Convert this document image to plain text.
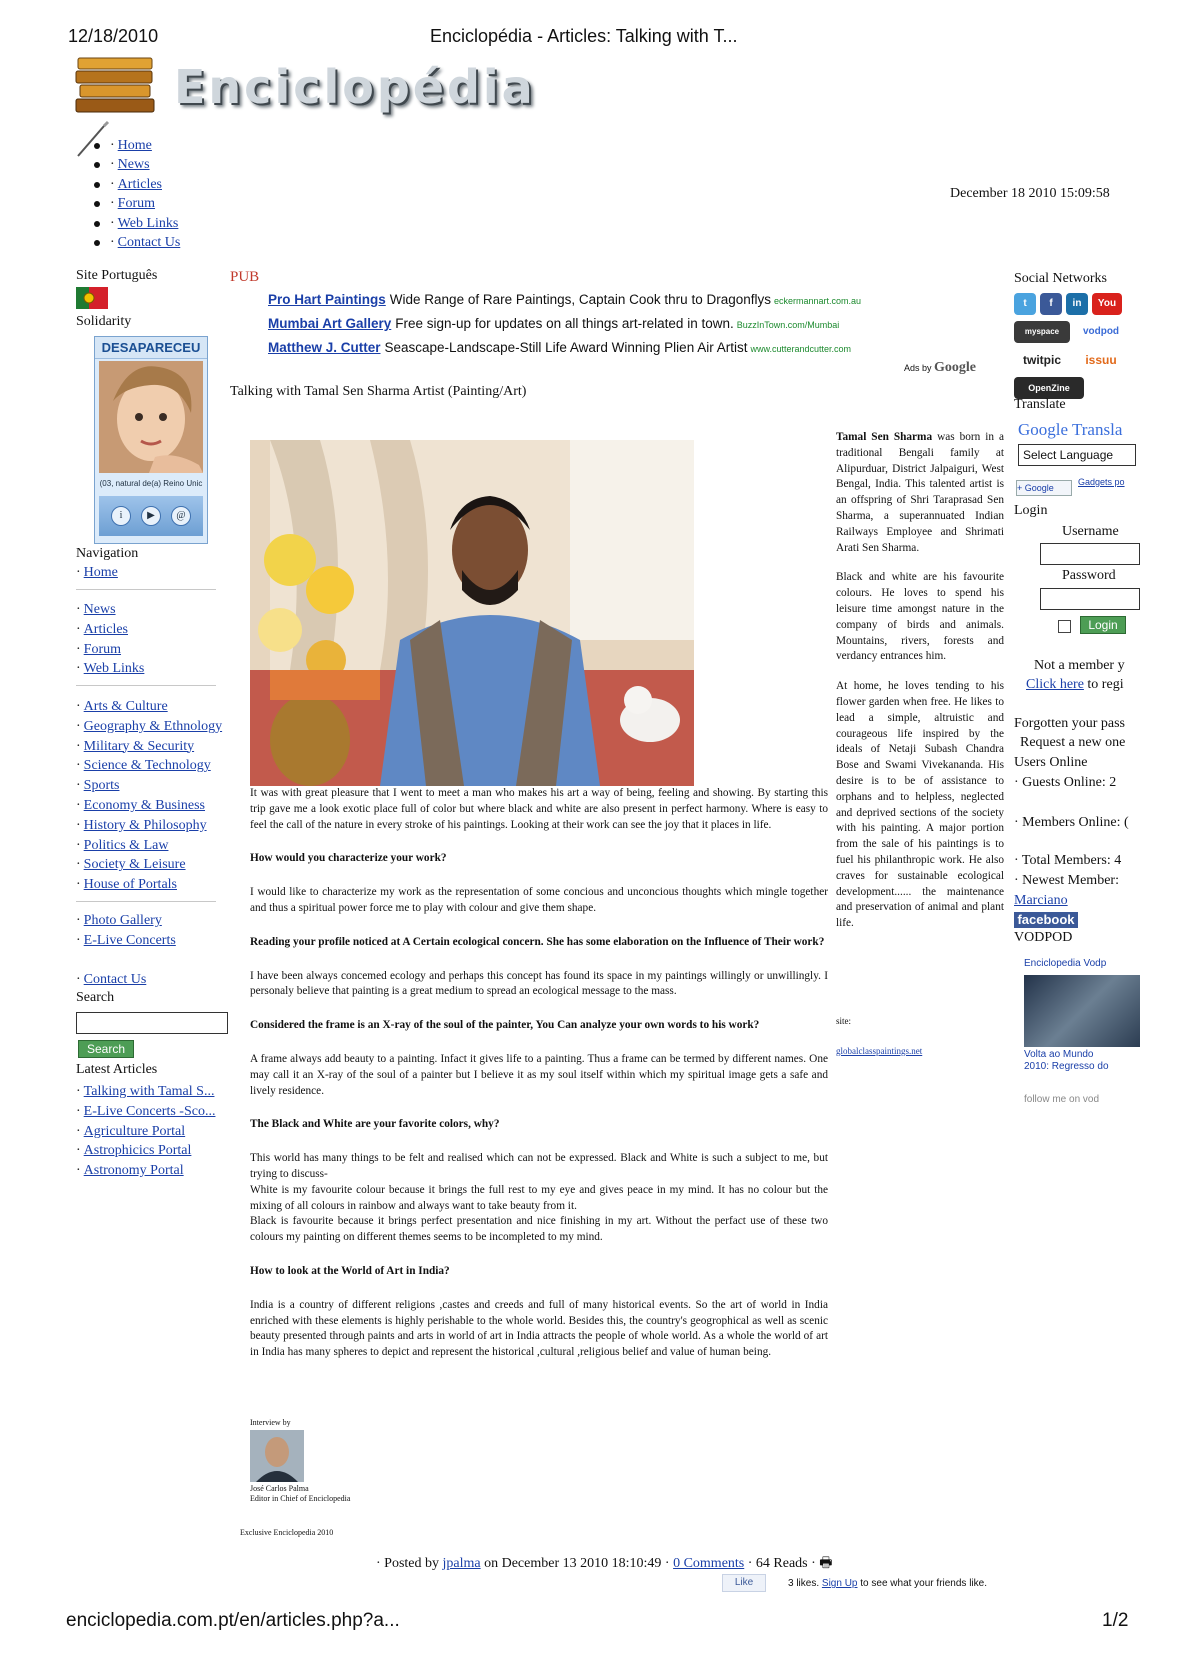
12/18/2010	Enciclopédia - Articles: Talking with T...
Enciclopédia
· Home
· News
· Articles
· Forum
· Web Links
· Contact Us
December 18 2010 15:09:58
Site Português
Solidarity
DESAPARECEU
(03, natural de(a) Reino Unic
i	▶	@
Navigation
· Home
· News
· Articles
· Forum
· Web Links
· Arts & Culture
· Geography & Ethnology
· Military & Security
· Science & Technology
· Sports
· Economy & Business
· History & Philosophy
· Politics & Law
· Society & Leisure
· House of Portals
· Photo Gallery
· E-Live Concerts
· Contact Us
Search
Search
Latest Articles
· Talking with Tamal S...
· E-Live Concerts -Sco...
· Agriculture Portal
· Astrophicics Portal
· Astronomy Portal
PUB
Pro Hart Paintings Wide Range of Rare Paintings, Captain Cook thru to Dragonflys eckermannart.com.au
Mumbai Art Gallery Free sign-up for updates on all things art-related in town. BuzzInTown.com/Mumbai
Matthew J. Cutter Seascape-Landscape-Still Life Award Winning Plien Air Artist www.cutterandcutter.com
Ads by Google
Talking with Tamal Sen Sharma Artist (Painting/Art)

It was with great pleasure that I went to meet a man who makes his art a way of being, feeling and showing. By starting this trip gave me a look exotic place full of color but where black and white are also present in perfect harmony. Where is easy to feel the call of the nature in every stroke of his paintings. Looking at their work can see the joy that it places in life.

How would you characterize your work?

I would like to characterize my work as the representation of some concious and unconcious thoughts which mingle together and thus a spiritual power force me to play with colour and give them shape.

Reading your profile noticed at A Certain ecological concern. She has some elaboration on the Influence of Their work?

I have been always concemed ecology and perhaps this concept has found its space in my paintings willingly or unwillingly. I personaly believe that painting is a great medium to spread an ecological message to the mass.

Considered the frame is an X-ray of the soul of the painter, You Can analyze your own words to his work?

A frame always add beauty to a painting. Infact it gives life to a painting. Thus a frame can be termed by different names. One may call it an X-ray of the soul of a painter but I believe it as my soul itself within which my spiritual image gets a safe and lively residence.

The Black and White are your favorite colors, why?

This world has many things to be felt and realised which can not be expressed. Black and White is such a subject to me, but trying to discuss-

White is my favourite colour because it brings the full rest to my eye and gives peace in my mind. It has no colour but the mixing of all colours in rainbow and always want to take beauty from it.

Black is favourite because it brings perfect presentation and nice finishing in my art. Without the perfact use of these two colours my painting on different themes seems to be incompleted to my mind.

How to look at the World of Art in India?

India is a country of different religions ,castes and creeds and full of many historical events. So the art of world in India enriched with these elements is highly perishable to the whole world. Besides this, the country's geogrophical as well as scenic beauty presented through paints and arts in world of art in India attracts the people of whole world. As a whole the world of art in India has many spheres to depict and represent the historical ,cultural ,religious belief and value of human being.

Tamal Sen Sharma was born in a traditional Bengali family at Alipurduar, District Jalpaiguri, West Bengal, India. This talented artist is an offspring of Shri Taraprasad Sen Sharma, a superannuated Indian Railways Employee and Shrimati Arati Sen Sharma.

Black and white are his favourite colours. He loves to spend his leisure time amongst nature in the company of birds and animals. Mountains, rivers, forests and verdancy entrances him.

At home, he loves tending to his flower garden when free. He likes to lead a simple, altruistic and courageous life inspired by the ideals of Netaji Subash Chandra Bose and Swami Vivekananda. His desire is to be of assistance to orphans and to helpless, neglected and deprived sections of the society with his painting. A major portion from the sale of his paintings is to fuel his philanthropic work. He also craves for sustainable ecological development...... the maintenance and preservation of animal and plant life.

site:
globalclasspaintings.net
Interview by
José Carlos Palma
Editor in Chief of Enciclopedia
Exclusive Enciclopedia 2010
· Posted by jpalma on December 13 2010 18:10:49 · 0 Comments · 64 Reads · 🖶
Like	3 likes. Sign Up to see what your friends like.
Social Networks
t	f	in	You
myspace	vodpod
twitpic	issuu
OpenZine
Translate
Google Transla
Select Language
+ Google
Gadgets po
Login
Username
Password
Login
Not a member y
Click here to regi
Forgotten your pass
Request a new one
Users Online
· Guests Online: 2
· Members Online: (
· Total Members: 4
· Newest Member:
Marciano
facebook
VODPOD
Enciclopedia Vodp
Volta ao Mundo
2010: Regresso do
follow me on vod
enciclopedia.com.pt/en/articles.php?a...	1/2
